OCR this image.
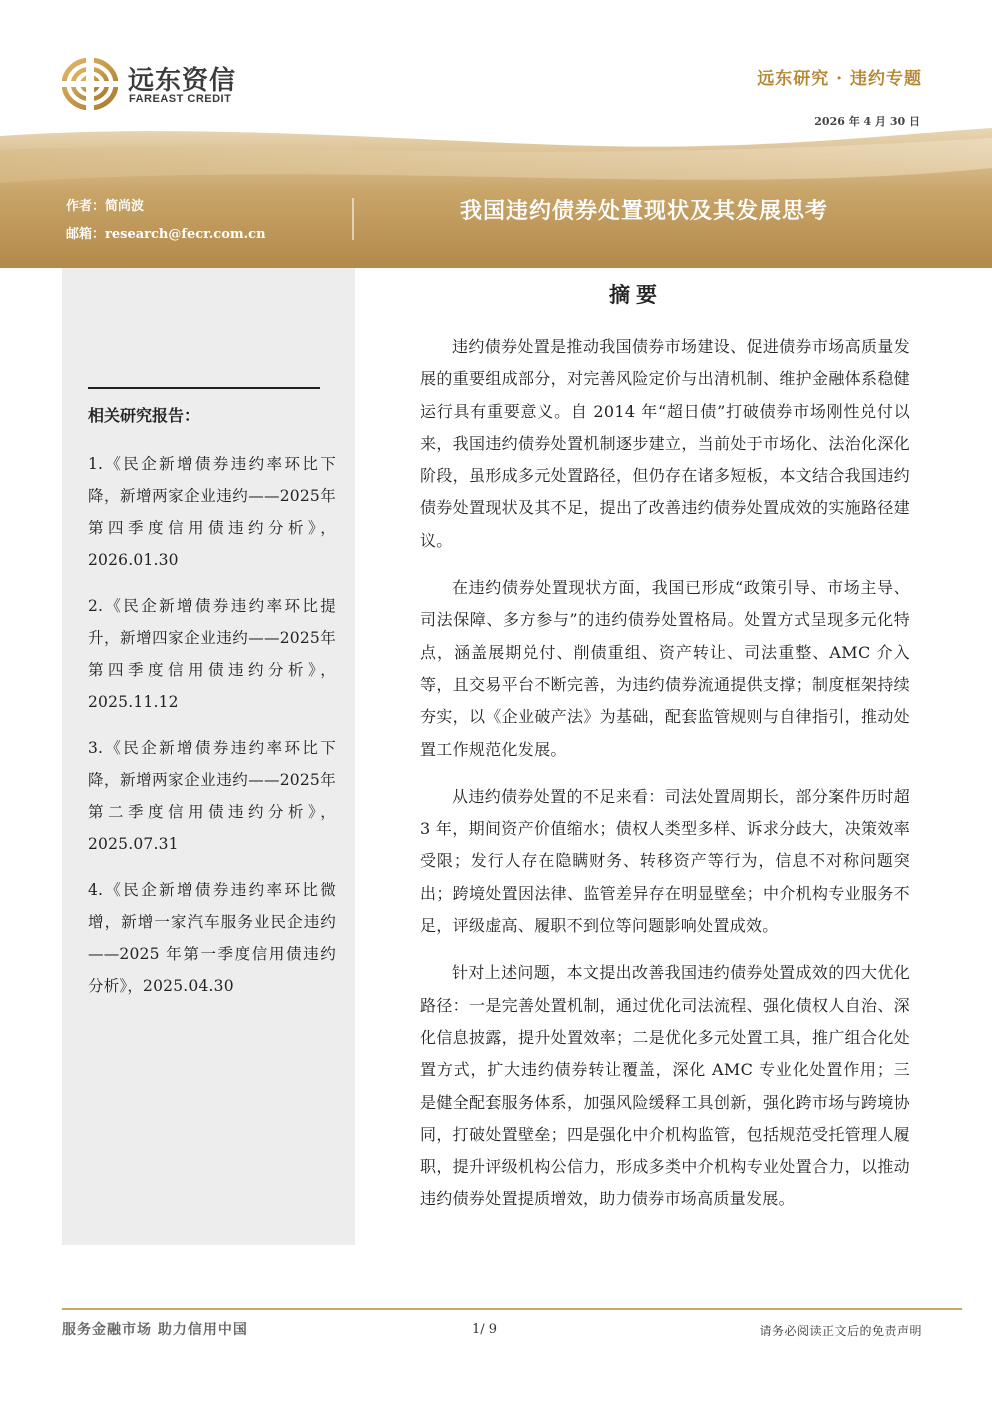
远东资信
FAREAST CREDIT
远东研究 · 违约专题
2026 年 4 月 30 日
作者：简尚波
邮箱：research@fecr.com.cn
我国违约债券处置现状及其发展思考
相关研究报告：
1.《民企新增债券违约率环比下降，新增两家企业违约——2025年第四季度信用债违约分析》，2026.01.30
2.《民企新增债券违约率环比提升，新增四家企业违约——2025年第四季度信用债违约分析》，2025.11.12
3.《民企新增债券违约率环比下降，新增两家企业违约——2025年第二季度信用债违约分析》，2025.07.31
4.《民企新增债券违约率环比微增，新增一家汽车服务业民企违约——2025 年第一季度信用债违约分析》，2025.04.30
摘要

违约债券处置是推动我国债券市场建设、促进债券市场高质量发展的重要组成部分，对完善风险定价与出清机制、维护金融体系稳健运行具有重要意义。自 2014 年“超日债”打破债券市场刚性兑付以来，我国违约债券处置机制逐步建立，当前处于市场化、法治化深化阶段，虽形成多元处置路径，但仍存在诸多短板，本文结合我国违约债券处置现状及其不足，提出了改善违约债券处置成效的实施路径建议。

在违约债券处置现状方面，我国已形成“政策引导、市场主导、司法保障、多方参与”的违约债券处置格局。处置方式呈现多元化特点，涵盖展期兑付、削债重组、资产转让、司法重整、AMC 介入等，且交易平台不断完善，为违约债券流通提供支撑；制度框架持续夯实，以《企业破产法》为基础，配套监管规则与自律指引，推动处置工作规范化发展。

从违约债券处置的不足来看：司法处置周期长，部分案件历时超 3 年，期间资产价值缩水；债权人类型多样、诉求分歧大，决策效率受限；发行人存在隐瞒财务、转移资产等行为，信息不对称问题突出；跨境处置因法律、监管差异存在明显壁垒；中介机构专业服务不足，评级虚高、履职不到位等问题影响处置成效。

针对上述问题，本文提出改善我国违约债券处置成效的四大优化路径：一是完善处置机制，通过优化司法流程、强化债权人自治、深化信息披露，提升处置效率；二是优化多元处置工具，推广组合化处置方式，扩大违约债券转让覆盖，深化 AMC 专业化处置作用；三是健全配套服务体系，加强风险缓释工具创新，强化跨市场与跨境协同，打破处置壁垒；四是强化中介机构监管，包括规范受托管理人履职，提升评级机构公信力，形成多类中介机构专业处置合力，以推动违约债券处置提质增效，助力债券市场高质量发展。

服务金融市场 助力信用中国	1/ 9	请务必阅读正文后的免责声明
